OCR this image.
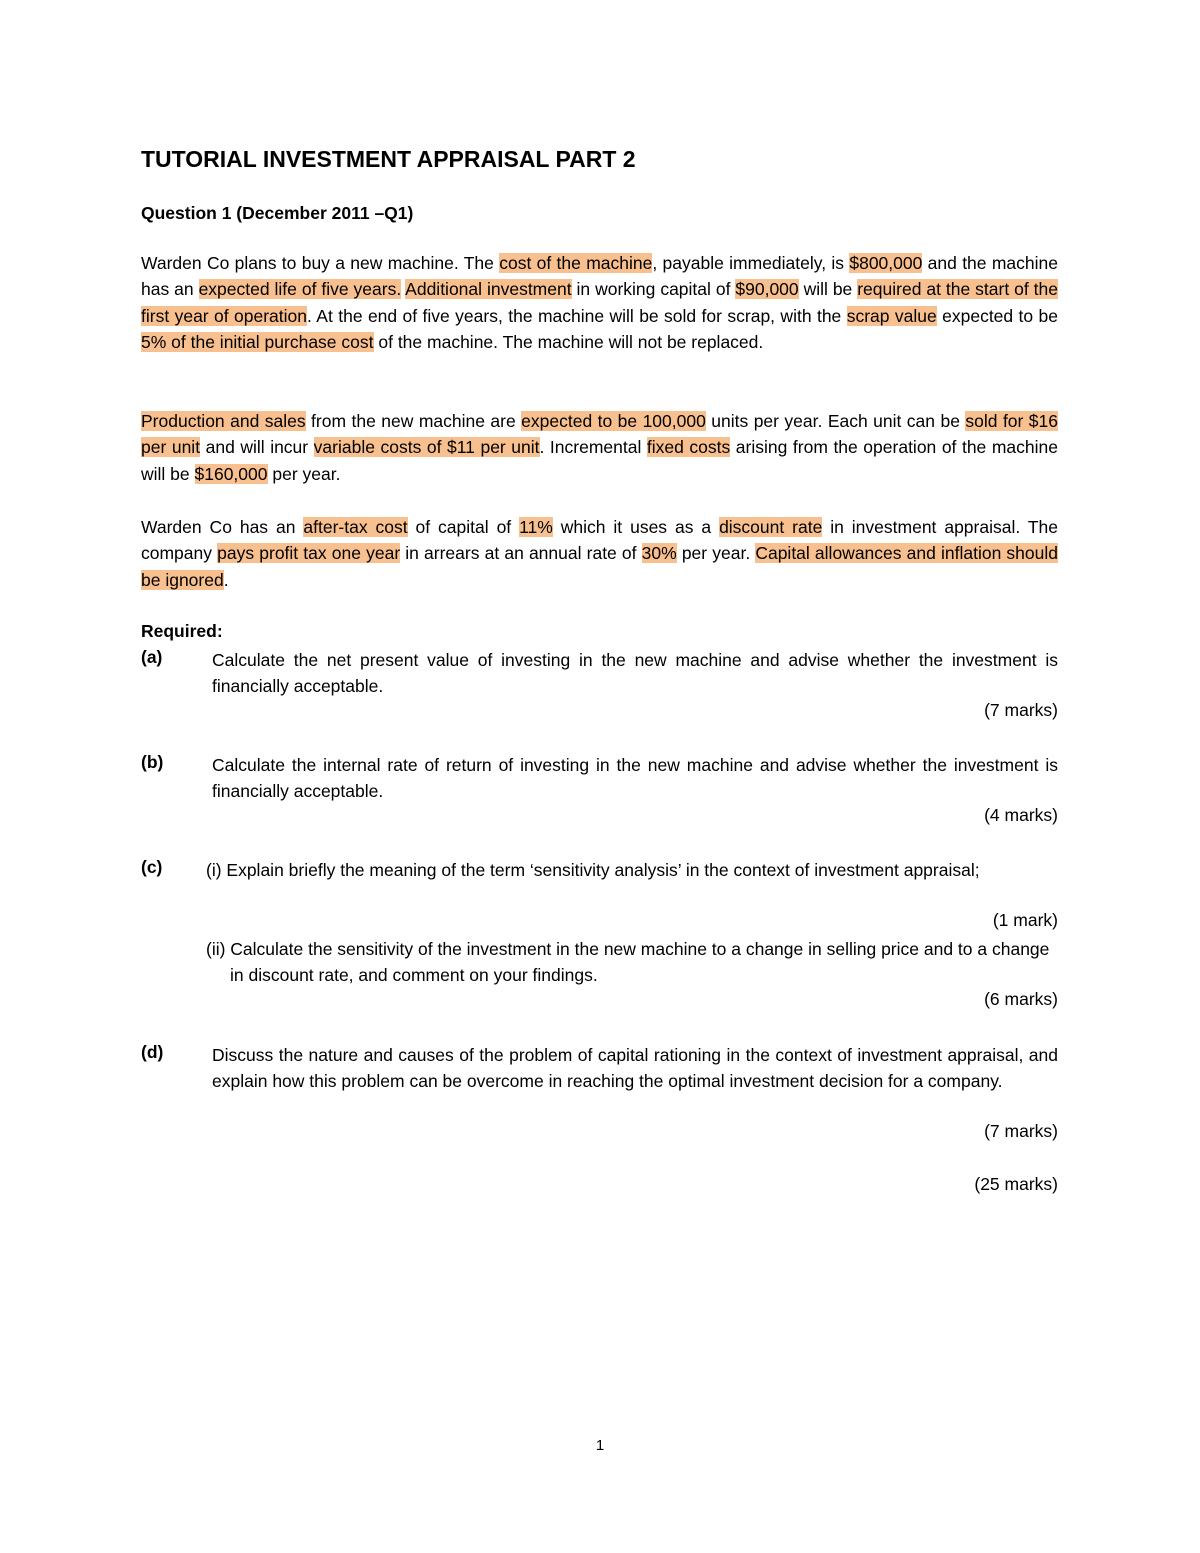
TUTORIAL INVESTMENT APPRAISAL PART 2
Question 1 (December 2011 –Q1)
Warden Co plans to buy a new machine. The cost of the machine, payable immediately, is $800,000 and the machine has an expected life of five years. Additional investment in working capital of $90,000 will be required at the start of the first year of operation. At the end of five years, the machine will be sold for scrap, with the scrap value expected to be 5% of the initial purchase cost of the machine. The machine will not be replaced.
Production and sales from the new machine are expected to be 100,000 units per year. Each unit can be sold for $16 per unit and will incur variable costs of $11 per unit. Incremental fixed costs arising from the operation of the machine will be $160,000 per year.
Warden Co has an after-tax cost of capital of 11% which it uses as a discount rate in investment appraisal. The company pays profit tax one year in arrears at an annual rate of 30% per year. Capital allowances and inflation should be ignored.
Required:
(a)	Calculate the net present value of investing in the new machine and advise whether the investment is financially acceptable.
(7 marks)
(b)	Calculate the internal rate of return of investing in the new machine and advise whether the investment is financially acceptable.
(4 marks)
(c) (i) Explain briefly the meaning of the term ‘sensitivity analysis’ in the context of investment appraisal;
(1 mark)
(ii) Calculate the sensitivity of the investment in the new machine to a change in selling price and to a change in discount rate, and comment on your findings.
(6 marks)
(d)	Discuss the nature and causes of the problem of capital rationing in the context of investment appraisal, and explain how this problem can be overcome in reaching the optimal investment decision for a company.
(7 marks)
(25 marks)
1
